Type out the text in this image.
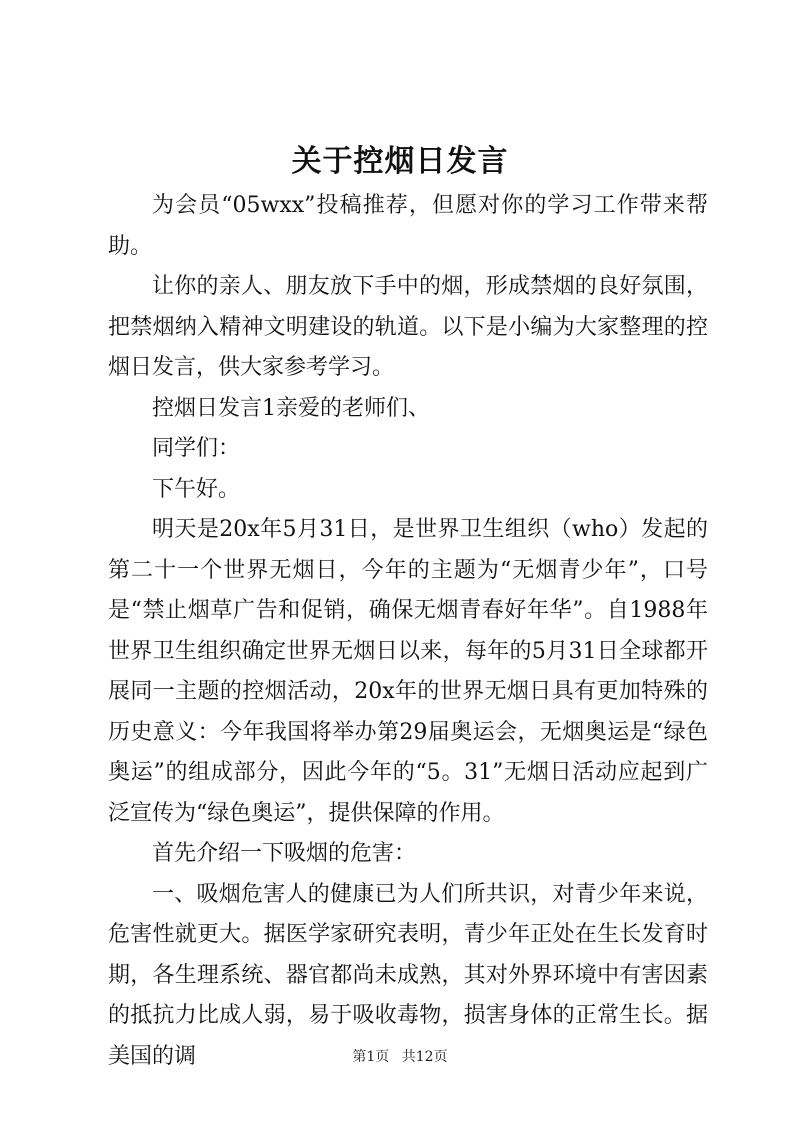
关于控烟日发言

为会员“05wxx”投稿推荐，但愿对你的学习工作带来帮助。

让你的亲人、朋友放下手中的烟，形成禁烟的良好氛围，把禁烟纳入精神文明建设的轨道。以下是小编为大家整理的控烟日发言，供大家参考学习。

控烟日发言1亲爱的老师们、

同学们：

下午好。

明天是20x年5月31日，是世界卫生组织（who）发起的第二十一个世界无烟日，今年的主题为“无烟青少年”，口号是“禁止烟草广告和促销，确保无烟青春好年华”。自1988年世界卫生组织确定世界无烟日以来，每年的5月31日全球都开展同一主题的控烟活动，20x年的世界无烟日具有更加特殊的历史意义：今年我国将举办第29届奥运会，无烟奥运是“绿色奥运”的组成部分，因此今年的“5。31”无烟日活动应起到广泛宣传为“绿色奥运”，提供保障的作用。

首先介绍一下吸烟的危害：

一、吸烟危害人的健康已为人们所共识，对青少年来说，危害性就更大。据医学家研究表明，青少年正处在生长发育时期，各生理系统、器官都尚未成熟，其对外界环境中有害因素的抵抗力比成人弱，易于吸收毒物，损害身体的正常生长。据美国的调	第1页 共12页
